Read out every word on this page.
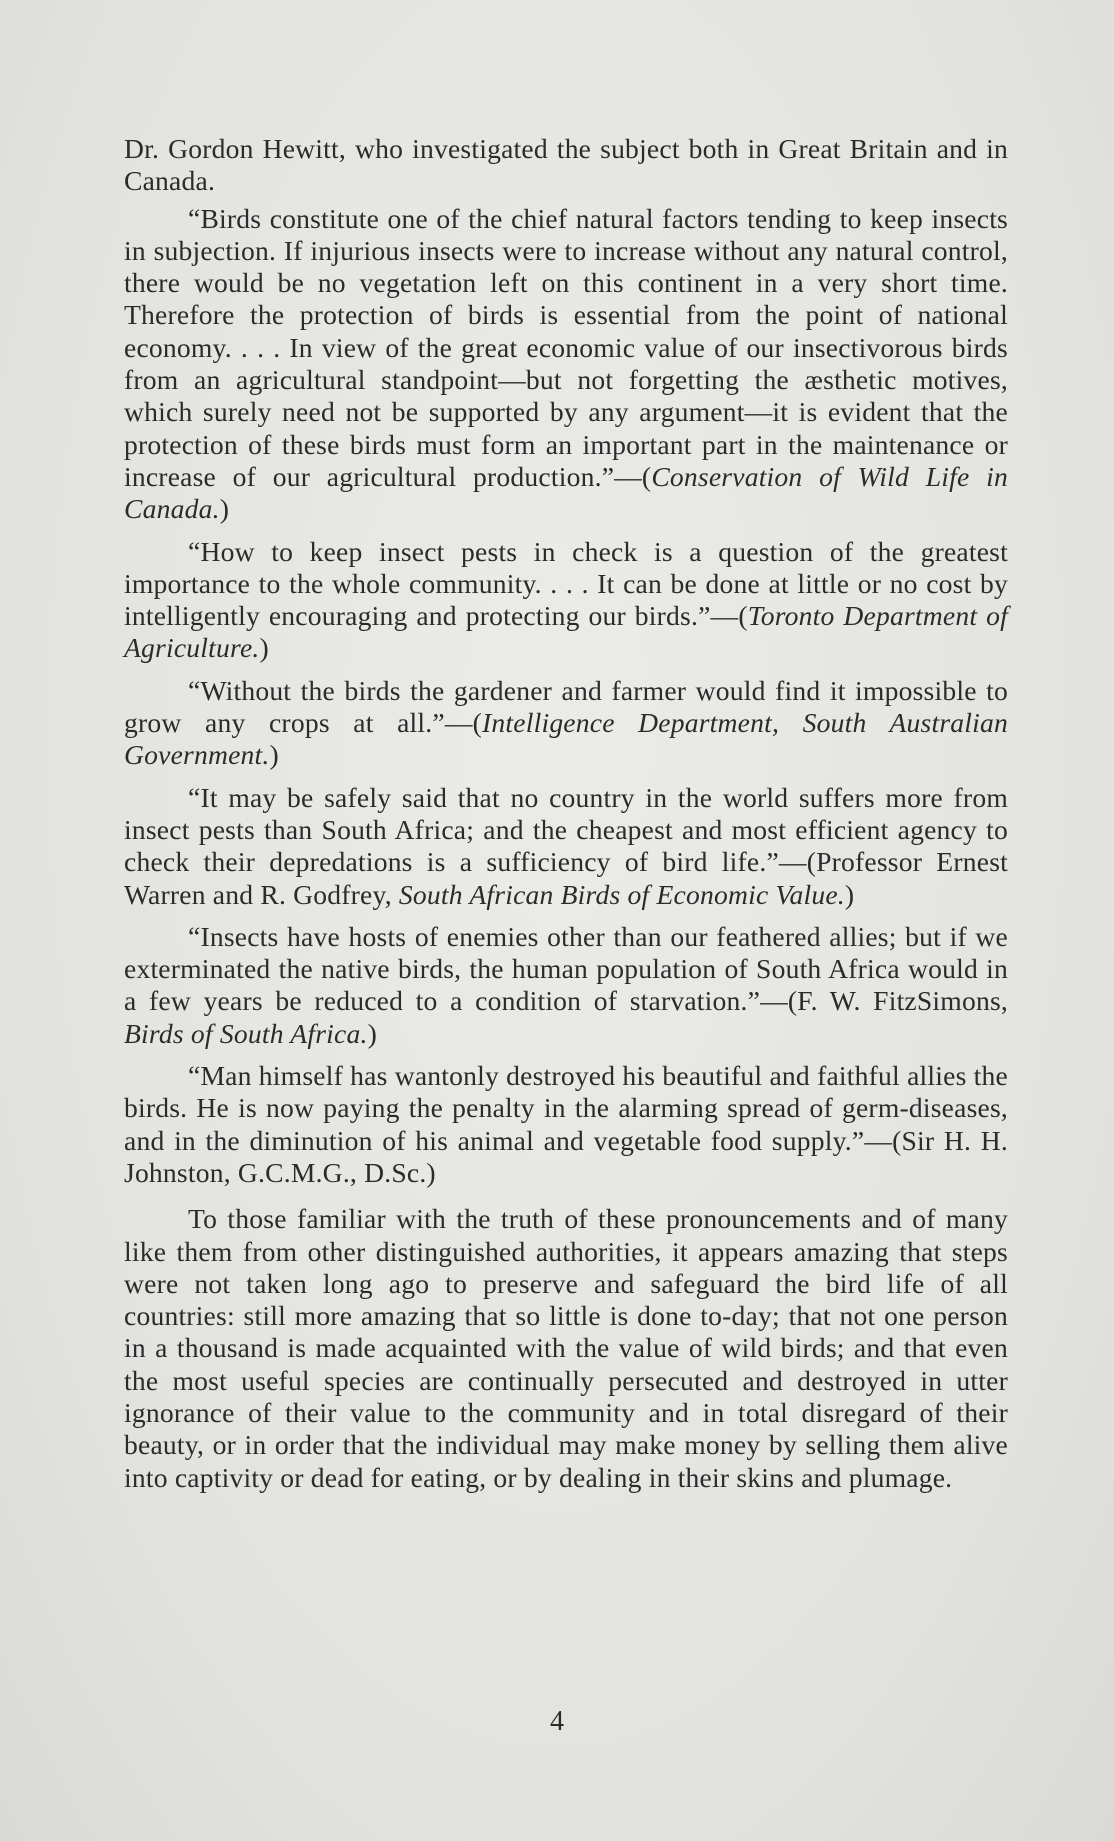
Dr. Gordon Hewitt, who investigated the subject both in Great Britain and in Canada.

“Birds constitute one of the chief natural factors tending to keep insects in subjection. If injurious insects were to increase without any natural control, there would be no vegetation left on this continent in a very short time. Therefore the protection of birds is essential from the point of national economy. . . . In view of the great economic value of our insectivorous birds from an agricultural standpoint—but not forgetting the æsthetic motives, which surely need not be supported by any argument—it is evident that the protection of these birds must form an important part in the maintenance or increase of our agricultural production.”—(Conservation of Wild Life in Canada.)

“How to keep insect pests in check is a question of the greatest importance to the whole community. . . . It can be done at little or no cost by intelligently encouraging and protecting our birds.”—(Toronto Department of Agriculture.)

“Without the birds the gardener and farmer would find it impossible to grow any crops at all.”—(Intelligence Department, South Australian Government.)

“It may be safely said that no country in the world suffers more from insect pests than South Africa; and the cheapest and most efficient agency to check their depredations is a sufficiency of bird life.”—(Professor Ernest Warren and R. Godfrey, South African Birds of Economic Value.)

“Insects have hosts of enemies other than our feathered allies; but if we exterminated the native birds, the human population of South Africa would in a few years be reduced to a condition of starvation.”—(F. W. FitzSimons, Birds of South Africa.)

“Man himself has wantonly destroyed his beautiful and faithful allies the birds. He is now paying the penalty in the alarming spread of germ-diseases, and in the diminution of his animal and vegetable food supply.”—(Sir H. H. Johnston, G.C.M.G., D.Sc.)

To those familiar with the truth of these pronouncements and of many like them from other distinguished authorities, it appears amazing that steps were not taken long ago to preserve and safeguard the bird life of all countries: still more amazing that so little is done to-day; that not one person in a thousand is made acquainted with the value of wild birds; and that even the most useful species are continually persecuted and destroyed in utter ignorance of their value to the community and in total disregard of their beauty, or in order that the individual may make money by selling them alive into captivity or dead for eating, or by dealing in their skins and plumage.

4
